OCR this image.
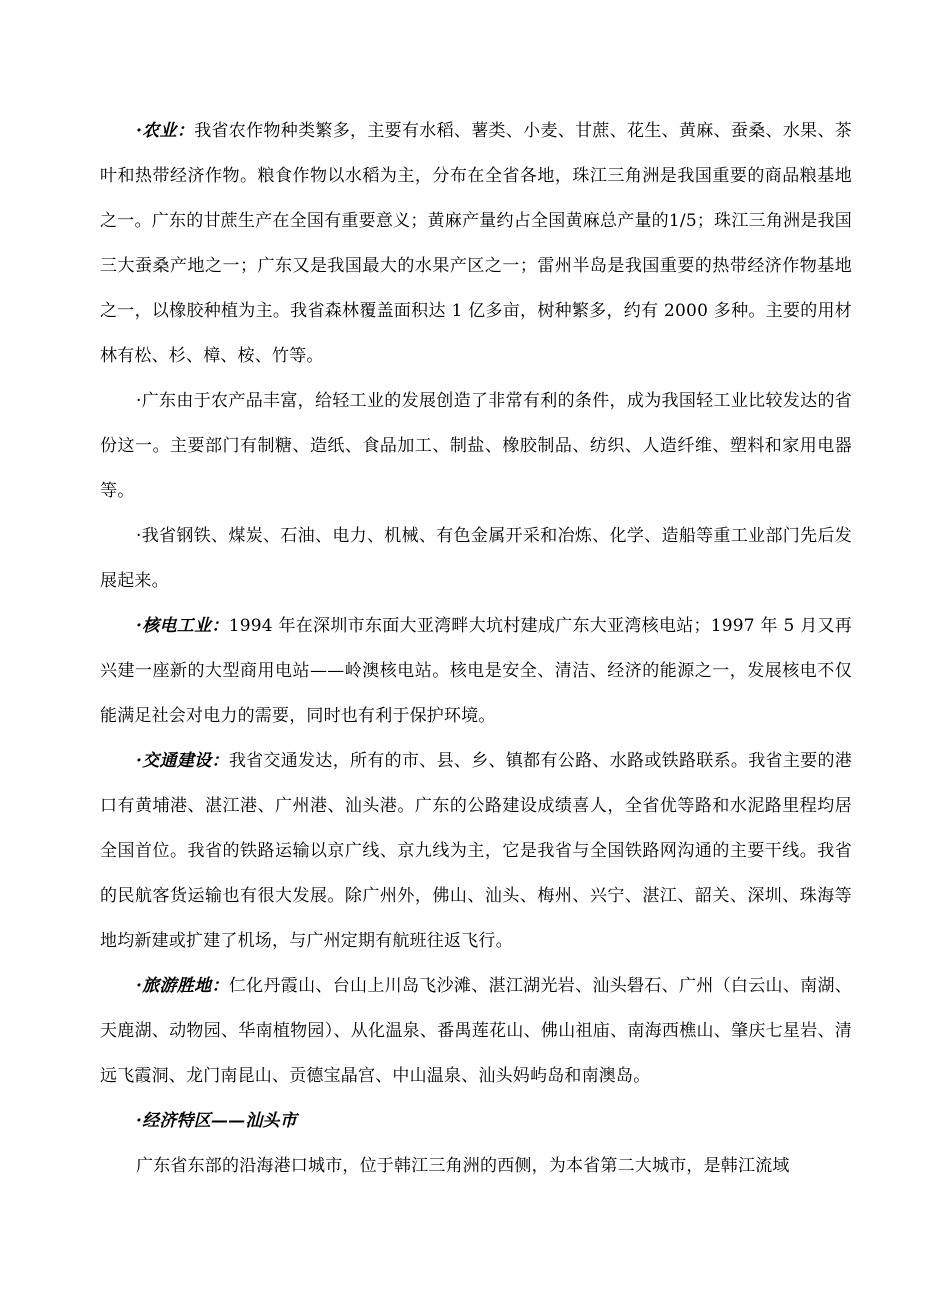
·农业：我省农作物种类繁多，主要有水稻、薯类、小麦、甘蔗、花生、黄麻、蚕桑、水果、茶叶和热带经济作物。粮食作物以水稻为主，分布在全省各地，珠江三角洲是我国重要的商品粮基地之一。广东的甘蔗生产在全国有重要意义；黄麻产量约占全国黄麻总产量的1/5；珠江三角洲是我国三大蚕桑产地之一；广东又是我国最大的水果产区之一；雷州半岛是我国重要的热带经济作物基地之一，以橡胶种植为主。我省森林覆盖面积达 1 亿多亩，树种繁多，约有 2000 多种。主要的用材林有松、杉、樟、桉、竹等。

·广东由于农产品丰富，给轻工业的发展创造了非常有利的条件，成为我国轻工业比较发达的省份这一。主要部门有制糖、造纸、食品加工、制盐、橡胶制品、纺织、人造纤维、塑料和家用电器等。

·我省钢铁、煤炭、石油、电力、机械、有色金属开采和冶炼、化学、造船等重工业部门先后发展起来。

·核电工业：1994 年在深圳市东面大亚湾畔大坑村建成广东大亚湾核电站；1997 年 5 月又再兴建一座新的大型商用电站——岭澳核电站。核电是安全、清洁、经济的能源之一，发展核电不仅能满足社会对电力的需要，同时也有利于保护环境。

·交通建设：我省交通发达，所有的市、县、乡、镇都有公路、水路或铁路联系。我省主要的港口有黄埔港、湛江港、广州港、汕头港。广东的公路建设成绩喜人，全省优等路和水泥路里程均居全国首位。我省的铁路运输以京广线、京九线为主，它是我省与全国铁路网沟通的主要干线。我省的民航客货运输也有很大发展。除广州外，佛山、汕头、梅州、兴宁、湛江、韶关、深圳、珠海等地均新建或扩建了机场，与广州定期有航班往返飞行。

·旅游胜地：仁化丹霞山、台山上川岛飞沙滩、湛江湖光岩、汕头礐石、广州（白云山、南湖、天鹿湖、动物园、华南植物园）、从化温泉、番禺莲花山、佛山祖庙、南海西樵山、肇庆七星岩、清远飞霞洞、龙门南昆山、贡德宝晶宫、中山温泉、汕头妈屿岛和南澳岛。

·经济特区——汕头市

广东省东部的沿海港口城市，位于韩江三角洲的西侧，为本省第二大城市，是韩江流域
